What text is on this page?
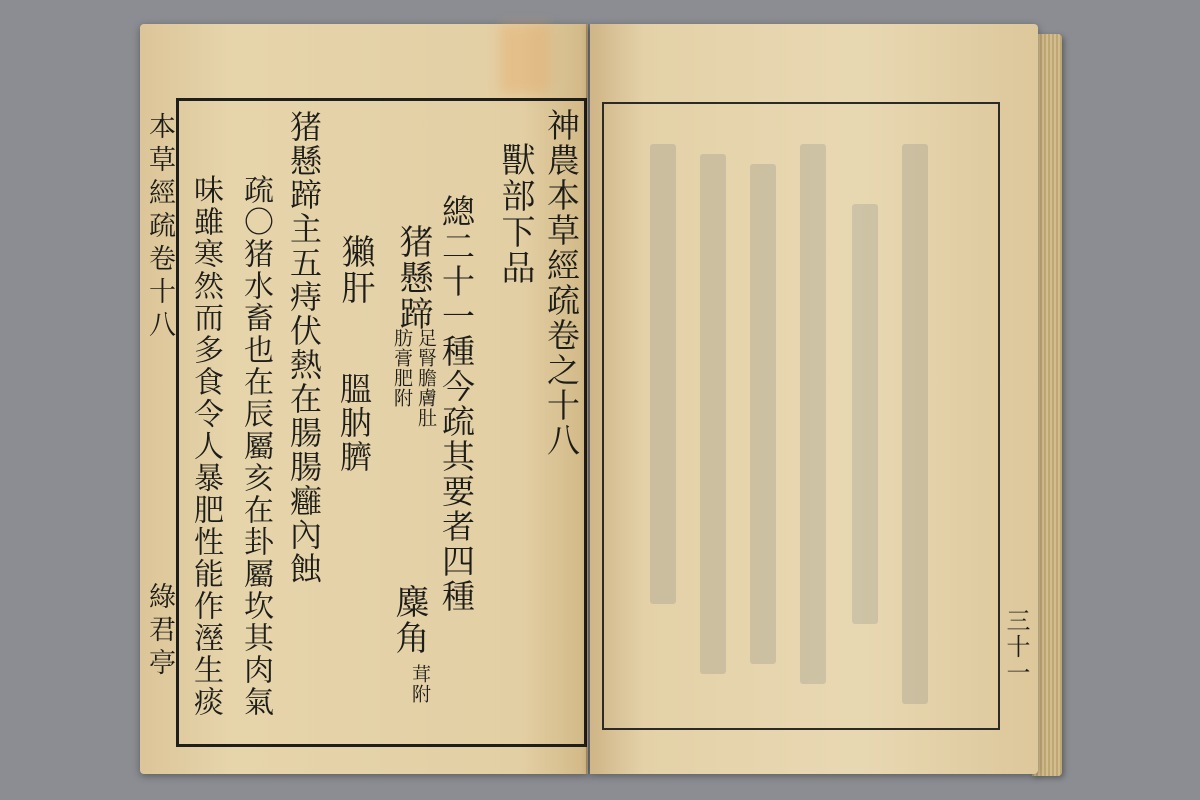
本草經疏卷十八
綠君亭
神農本草經疏卷之十八
獸部下品
總二十一種今疏其要者四種
猪懸蹄
足腎膽膚肚
肪膏肥附
麋角
茸附
獺肝
膃肭臍
猪懸蹄主五痔伏熱在腸腸癰內蝕
疏〇猪水畜也在辰屬亥在卦屬坎其肉氣
味雖寒然而多食令人暴肥性能作溼生痰	三十一
